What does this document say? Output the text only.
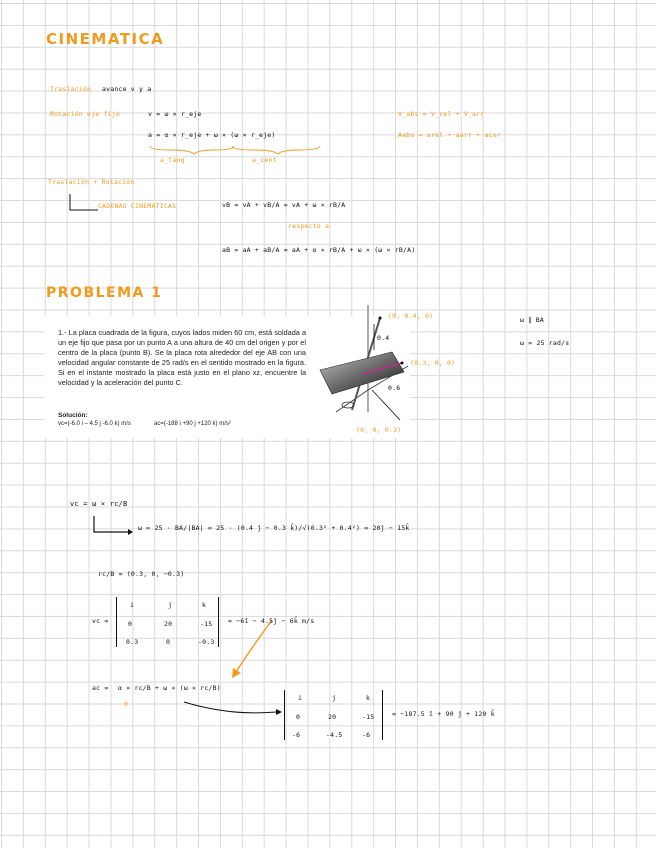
CINEMATICA
Traslación avance v y a
Rotación eje fijo	v = ω × r_eje
a = α × r_eje + ω × (ω × r_eje)
a_tang	a_cent
V_abs = V_rel + V_arr
Aabs = arel + aarr + acor
Traslación + Rotación
CADENAS CINEMATICAS	vB = vA + vB/A = vA + ω × rB/A
respecto a
aB = aA + aB/A = aA + α × rB/A + ω × (ω × rB/A)
PROBLEMA 1
1.- La placa cuadrada de la figura, cuyos lados miden 60 cm, está soldada a un eje fijo que pasa por un punto A a una altura de 40 cm del origen y por el centro de la placa (punto B). Se la placa rota alrededor del eje AB con una velocidad angular constante de 25 rad/s en el sentido mostrado en la figura. Si en el instante mostrado la placa está justo en el plano xz, encuentre la velocidad y la aceleración del punto C.
Solución:
vc=(-6.0 i – 4.5 j -6.0 k) m/s	ac=(-188 i +90 j +120 k) m/s²
(0, 0.4, 0)
(0.3, 0, 0)
(0, 0, 0.3)
0.4
0.6
ω ∥ BA
ω = 25 rad/s
vc = ω × rc/B
ω = 25 · BA/|BA| = 25 · (0.4 ĵ − 0.3 k̂)/√(0.3² + 0.4²) = 20ĵ − 15k̂
rc/B = (0.3, 0, −0.3)
vc =
i	j	k
0	20	-15
0.3	0	-0.3
= −6î − 4.5ĵ − 6k̂ m/s
ac = α × rc/B + ω × (ω × rc/B)
0
i	j	k
0	20	-15
-6	-4.5	-6
= −187.5 î + 90 ĵ + 120 k̂
